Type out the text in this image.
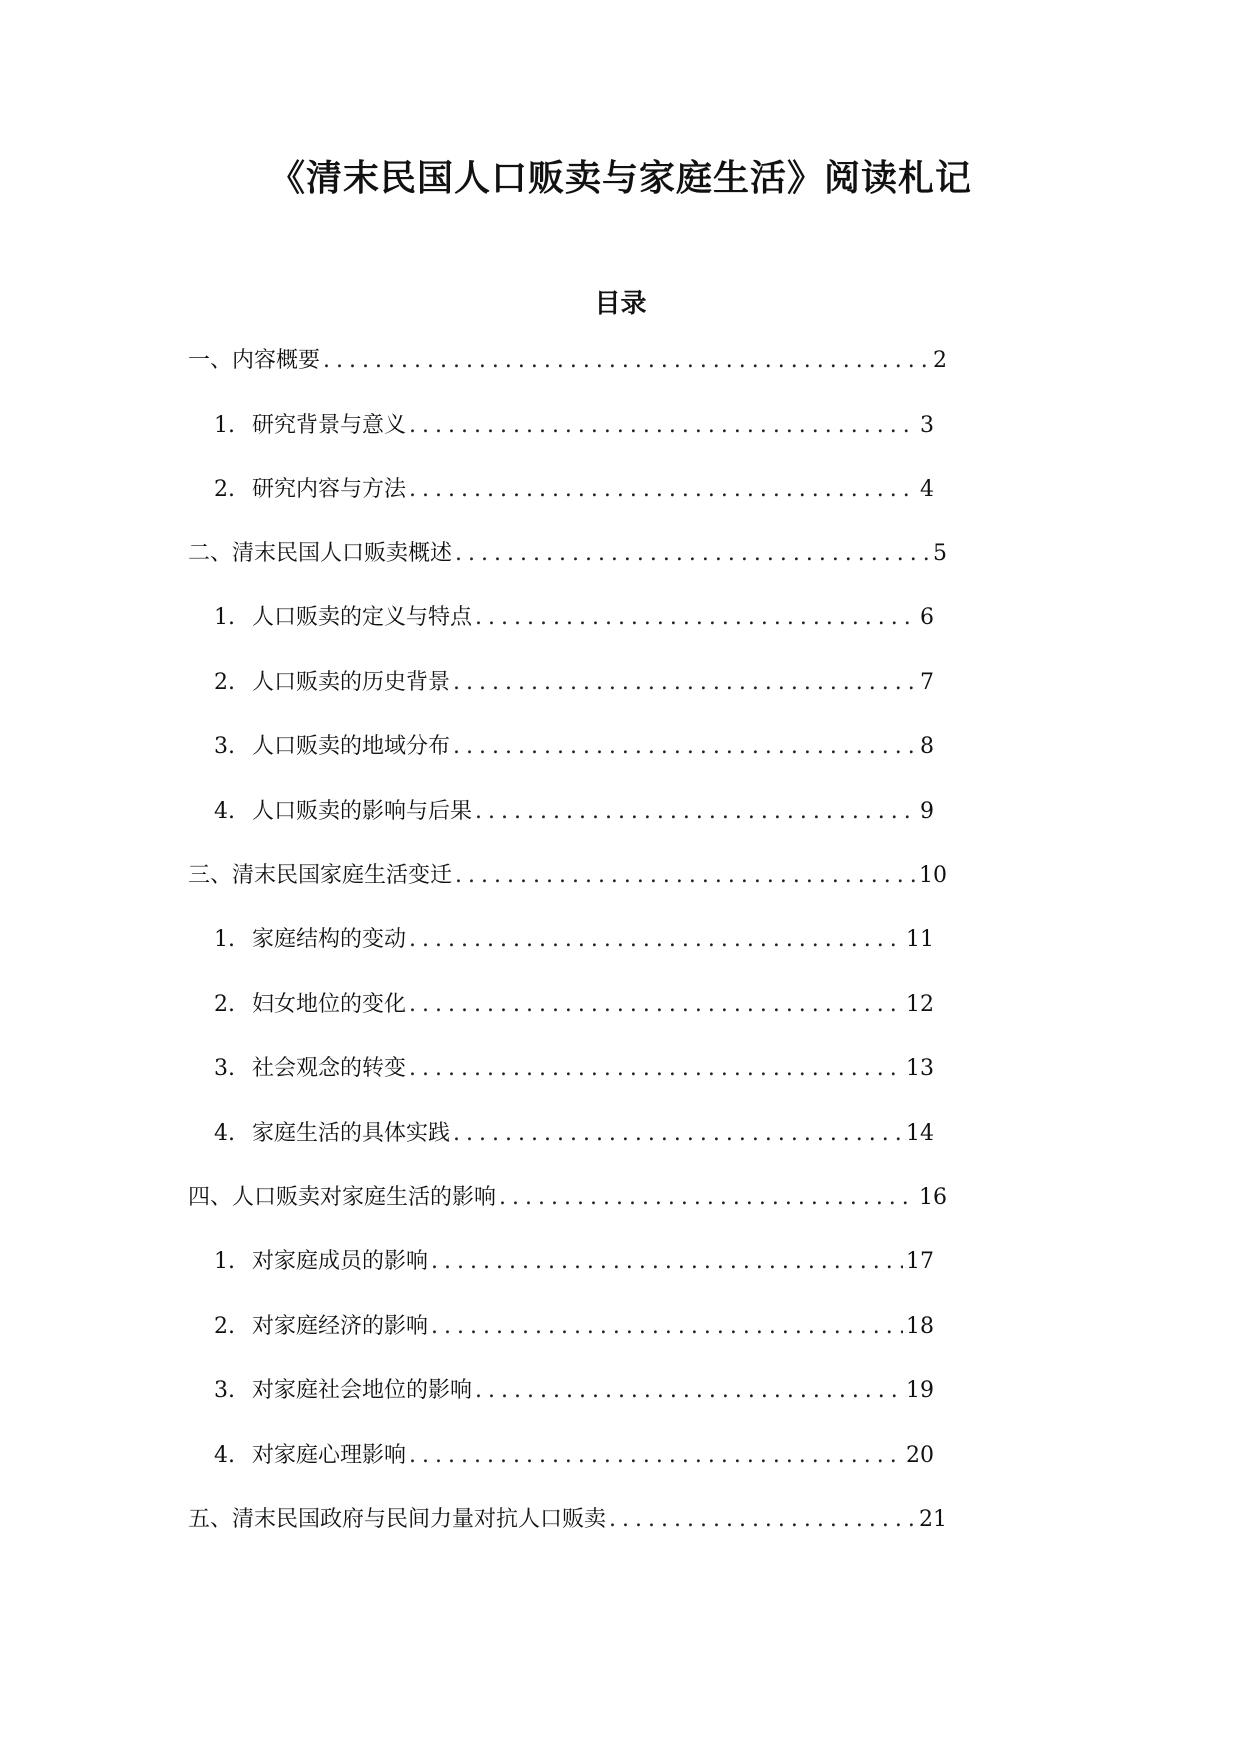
《清末民国人口贩卖与家庭生活》阅读札记
目录
一、内容概要 .....	2
1. 研究背景与意义 .....	3
2. 研究内容与方法 .....	4
二、清末民国人口贩卖概述 .....	5
1. 人口贩卖的定义与特点 .....	6
2. 人口贩卖的历史背景 .....	7
3. 人口贩卖的地域分布 .....	8
4. 人口贩卖的影响与后果 .....	9
三、清末民国家庭生活变迁 .....	10
1. 家庭结构的变动 .....	11
2. 妇女地位的变化 .....	12
3. 社会观念的转变 .....	13
4. 家庭生活的具体实践 .....	14
四、人口贩卖对家庭生活的影响 .....	16
1. 对家庭成员的影响 .....	17
2. 对家庭经济的影响 .....	18
3. 对家庭社会地位的影响 .....	19
4. 对家庭心理影响 .....	20
五、清末民国政府与民间力量对抗人口贩卖 .....	21
